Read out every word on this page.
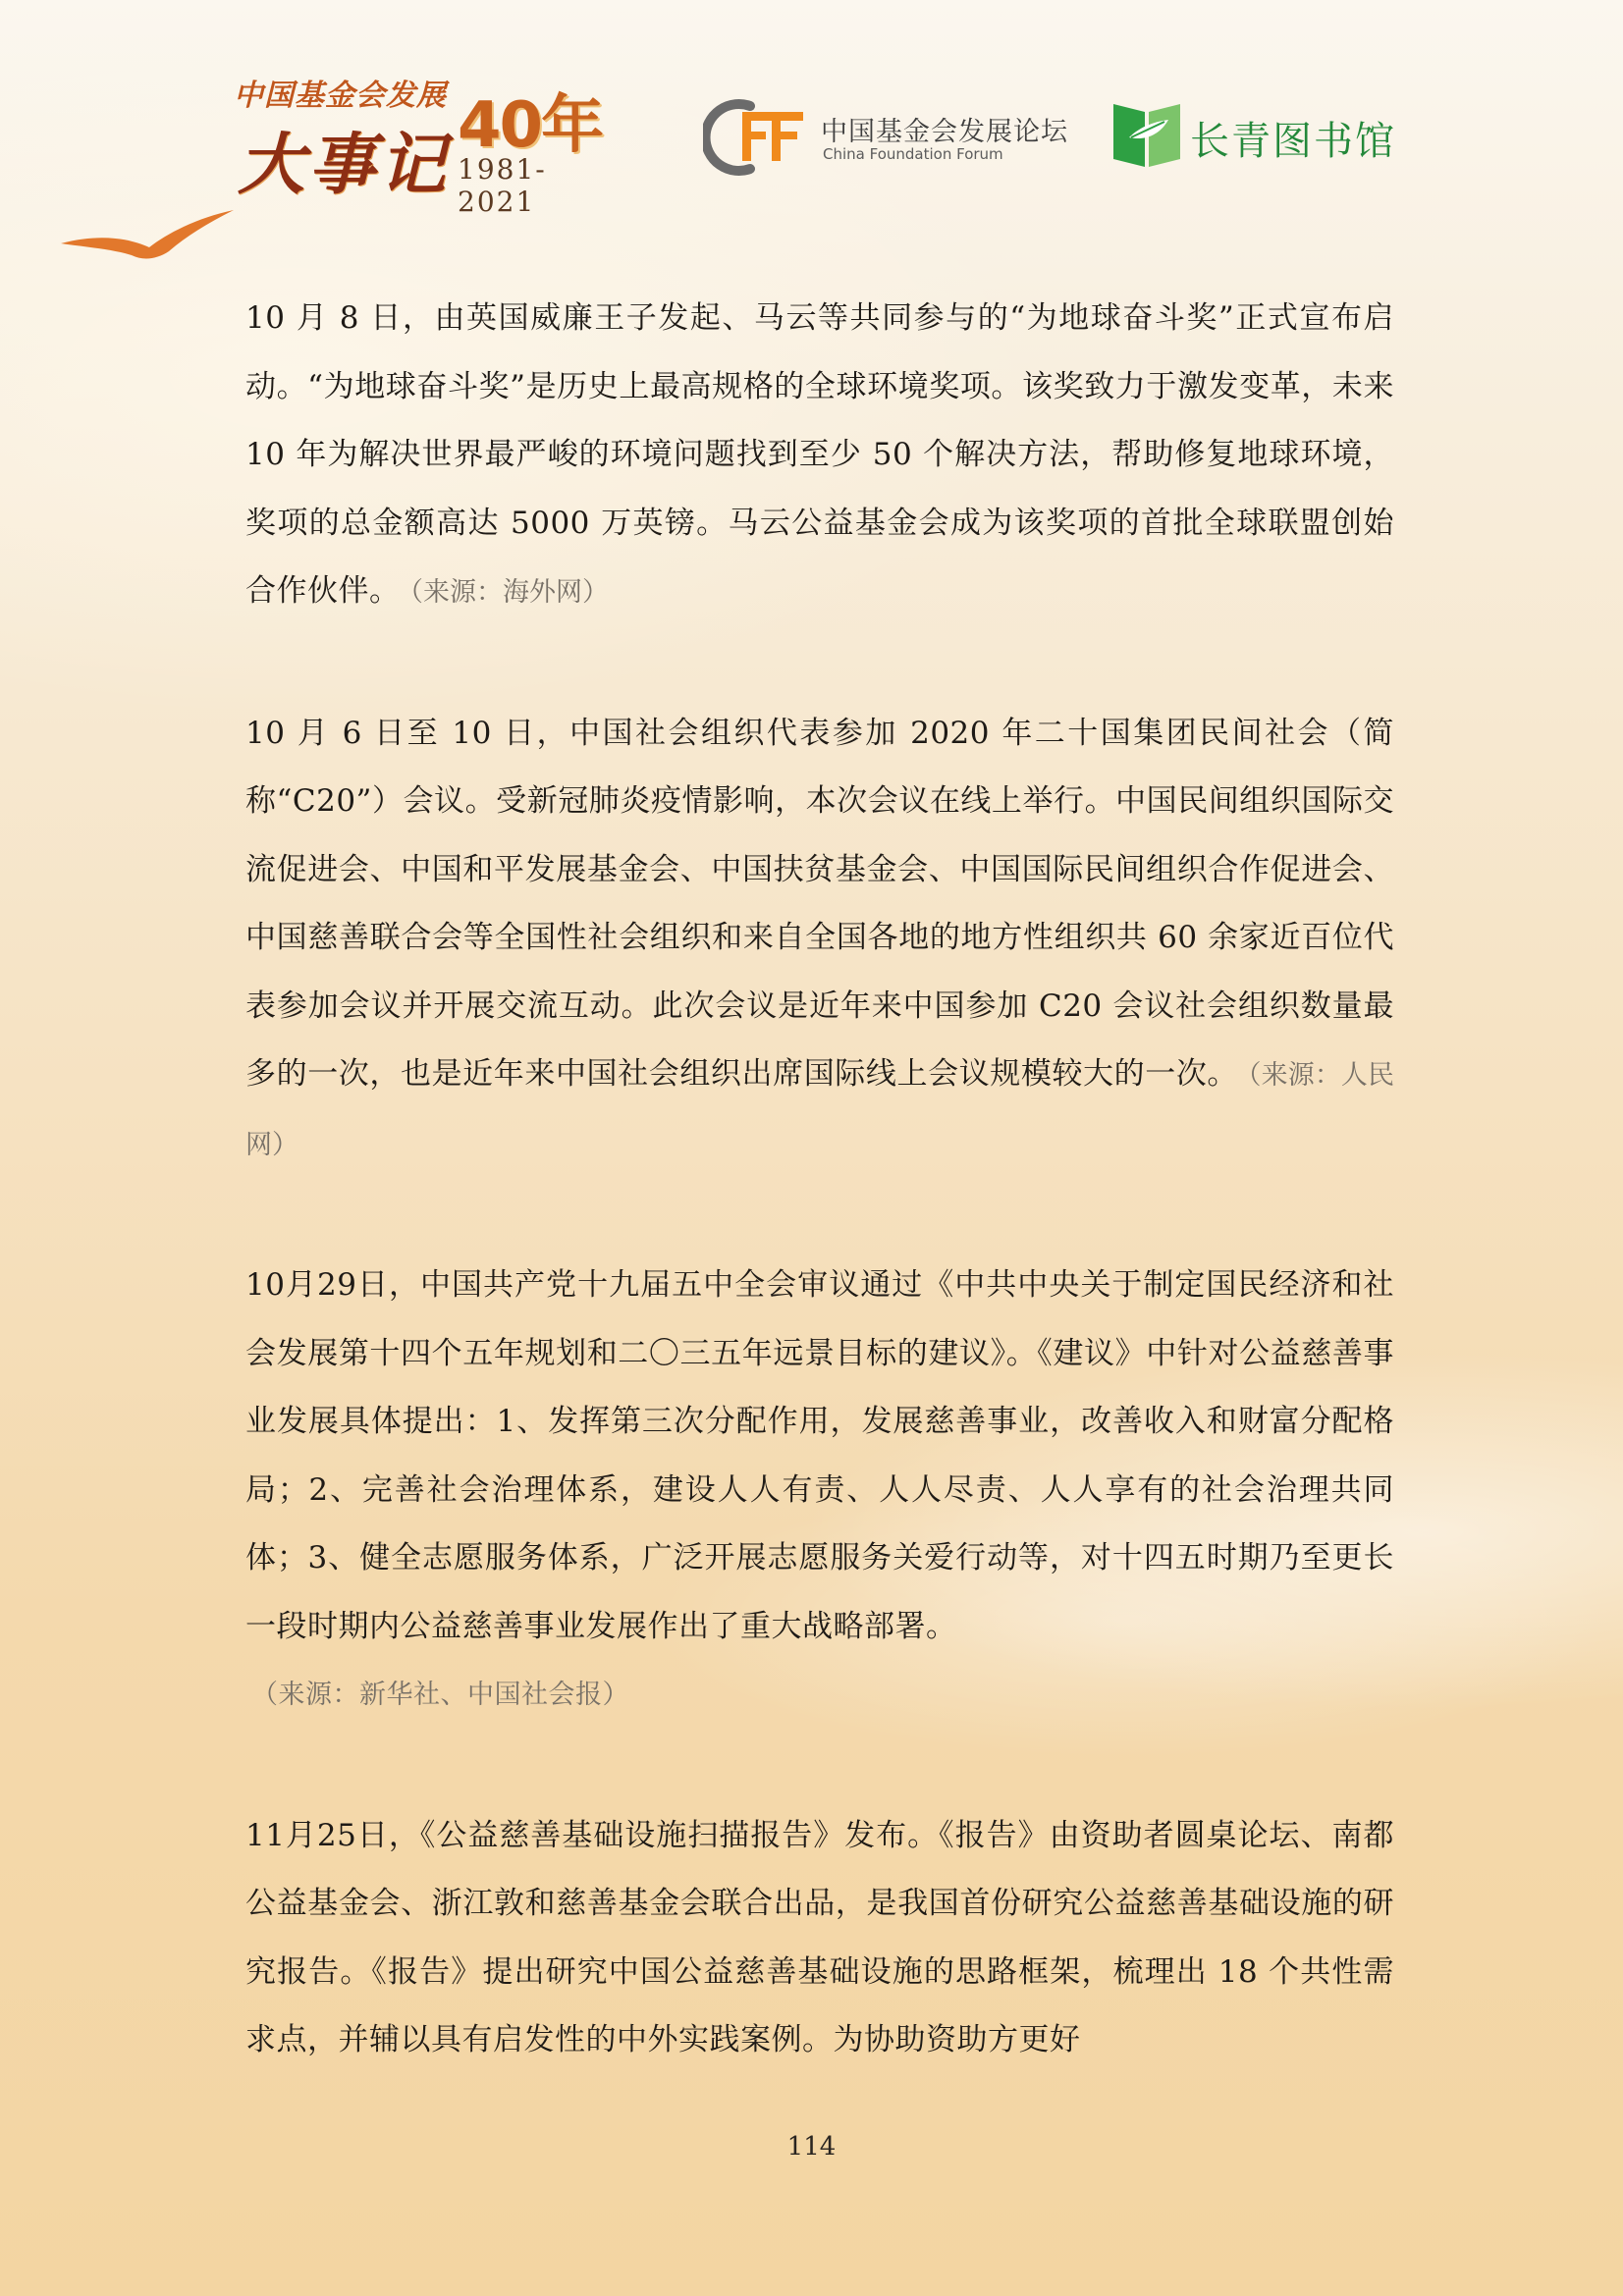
中国基金会发展
大事记 40年
1981-2021
中国基金会发展论坛
China Foundation Forum	长青图书馆

10 月 8 日，由英国威廉王子发起、马云等共同参与的“为地球奋斗奖”正式宣布启动。“为地球奋斗奖”是历史上最高规格的全球环境奖项。该奖致力于激发变革，未来 10 年为解决世界最严峻的环境问题找到至少 50 个解决方法，帮助修复地球环境，奖项的总金额高达 5000 万英镑。马云公益基金会成为该奖项的首批全球联盟创始合作伙伴。 （来源：海外网）

10 月 6 日至 10 日，中国社会组织代表参加 2020 年二十国集团民间社会（简称“C20”）会议。受新冠肺炎疫情影响，本次会议在线上举行。中国民间组织国际交流促进会、中国和平发展基金会、中国扶贫基金会、中国国际民间组织合作促进会、中国慈善联合会等全国性社会组织和来自全国各地的地方性组织共 60 余家近百位代表参加会议并开展交流互动。此次会议是近年来中国参加 C20 会议社会组织数量最多的一次，也是近年来中国社会组织出席国际线上会议规模较大的一次。 （来源：人民网）

10月29日，中国共产党十九届五中全会审议通过《中共中央关于制定国民经济和社会发展第十四个五年规划和二〇三五年远景目标的建议》。《建议》中针对公益慈善事业发展具体提出：1、发挥第三次分配作用，发展慈善事业，改善收入和财富分配格局；2、完善社会治理体系，建设人人有责、人人尽责、人人享有的社会治理共同体；3、健全志愿服务体系，广泛开展志愿服务关爱行动等，对十四五时期乃至更长一段时期内公益慈善事业发展作出了重大战略部署。
（来源：新华社、中国社会报）

11月25日，《公益慈善基础设施扫描报告》发布。《报告》由资助者圆桌论坛、南都公益基金会、浙江敦和慈善基金会联合出品，是我国首份研究公益慈善基础设施的研究报告。《报告》提出研究中国公益慈善基础设施的思路框架，梳理出 18 个共性需求点，并辅以具有启发性的中外实践案例。为协助资助方更好

114
